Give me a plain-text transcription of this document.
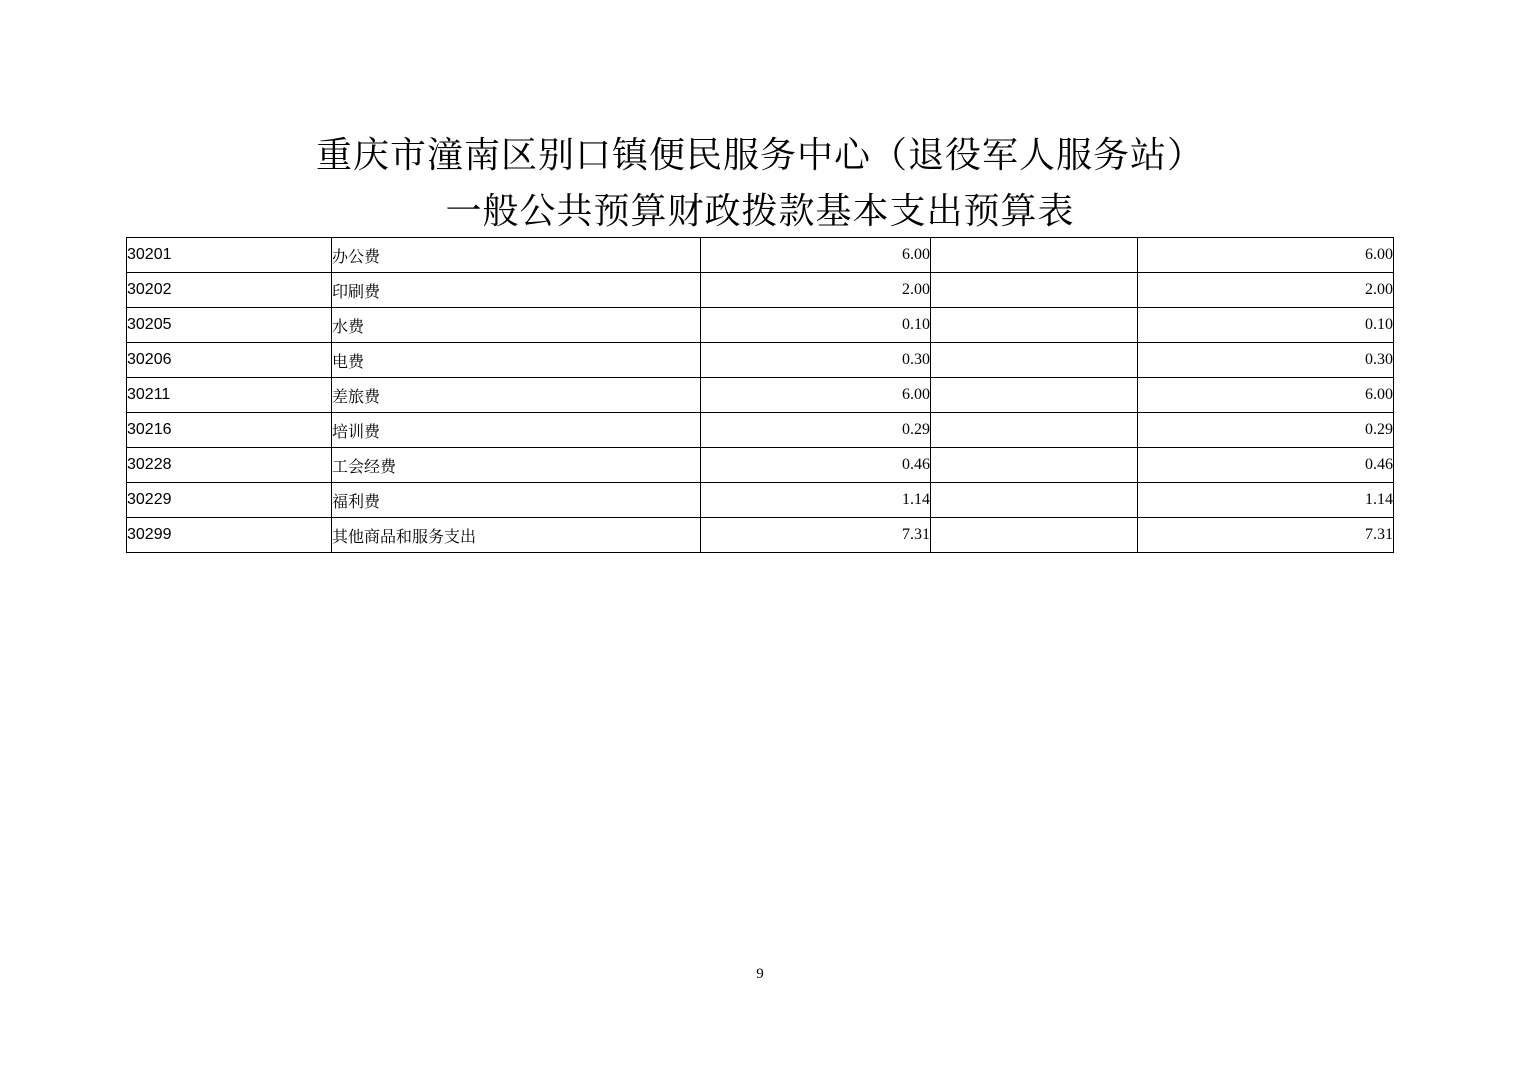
重庆市潼南区别口镇便民服务中心（退役军人服务站）
一般公共预算财政拨款基本支出预算表
30201	办公费	6.00		6.00
30202	印刷费	2.00		2.00
30205	水费	0.10		0.10
30206	电费	0.30		0.30
30211	差旅费	6.00		6.00
30216	培训费	0.29		0.29
30228	工会经费	0.46		0.46
30229	福利费	1.14		1.14
30299	其他商品和服务支出	7.31		7.31
9
